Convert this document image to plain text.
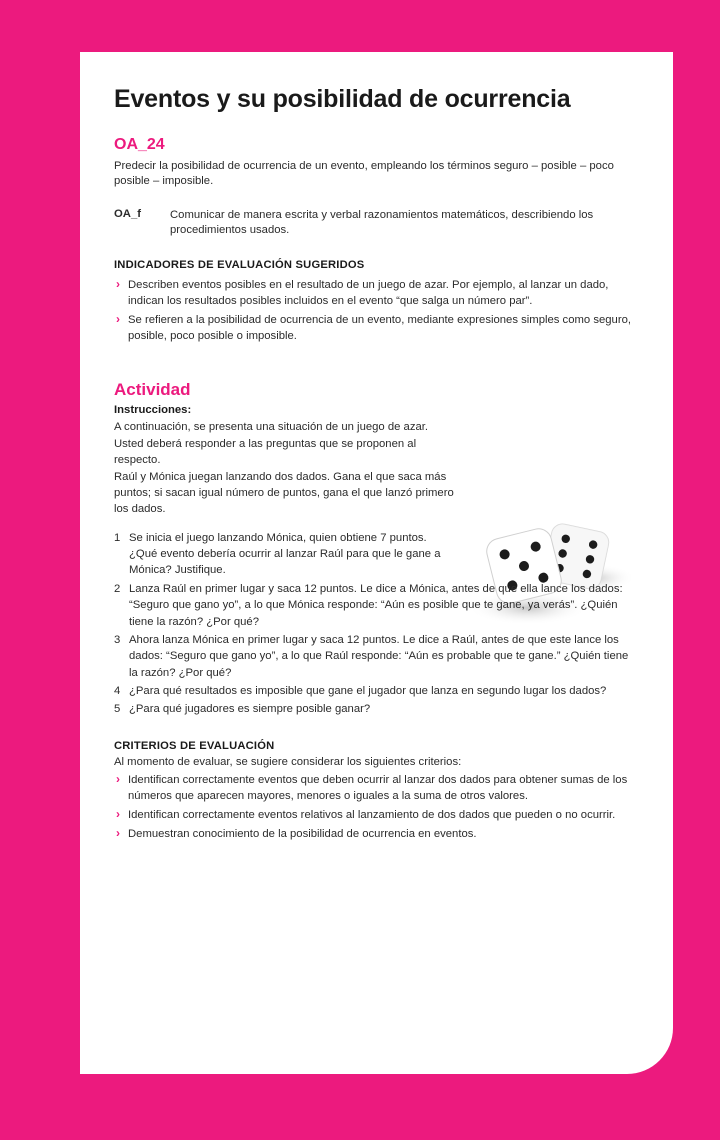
Eventos y su posibilidad de ocurrencia
OA_24

Predecir la posibilidad de ocurrencia de un evento, empleando los términos seguro – posible – poco posible – imposible.

OA_f	Comunicar de manera escrita y verbal razonamientos matemáticos, describiendo los procedimientos usados.
INDICADORES DE EVALUACIÓN SUGERIDOS
› Describen eventos posibles en el resultado de un juego de azar. Por ejemplo, al lanzar un dado, indican los resultados posibles incluidos en el evento “que salga un número par”.
› Se refieren a la posibilidad de ocurrencia de un evento, mediante expresiones simples como seguro, posible, poco posible o imposible.
Actividad
Instrucciones:

A continuación, se presenta una situación de un juego de azar.

Usted deberá responder a las preguntas que se proponen al respecto.

Raúl y Mónica juegan lanzando dos dados. Gana el que saca más puntos; si sacan igual número de puntos, gana el que lanzó primero los dados.

1 Se inicia el juego lanzando Mónica, quien obtiene 7 puntos. ¿Qué evento debería ocurrir al lanzar Raúl para que le gane a Mónica? Justifique.
2 Lanza Raúl en primer lugar y saca 12 puntos. Le dice a Mónica, antes de que ella lance los dados: “Seguro que gano yo”, a lo que Mónica responde: “Aún es posible que te gane, ya verás”. ¿Quién tiene la razón? ¿Por qué?
3 Ahora lanza Mónica en primer lugar y saca 12 puntos. Le dice a Raúl, antes de que este lance los dados: “Seguro que gano yo”, a lo que Raúl responde: “Aún es probable que te gane.” ¿Quién tiene la razón? ¿Por qué?
4 ¿Para qué resultados es imposible que gane el jugador que lanza en segundo lugar los dados?
5 ¿Para qué jugadores es siempre posible ganar?
CRITERIOS DE EVALUACIÓN
Al momento de evaluar, se sugiere considerar los siguientes criterios:
› Identifican correctamente eventos que deben ocurrir al lanzar dos dados para obtener sumas de los números que aparecen mayores, menores o iguales a la suma de otros valores.
› Identifican correctamente eventos relativos al lanzamiento de dos dados que pueden o no ocurrir.
› Demuestran conocimiento de la posibilidad de ocurrencia en eventos.
